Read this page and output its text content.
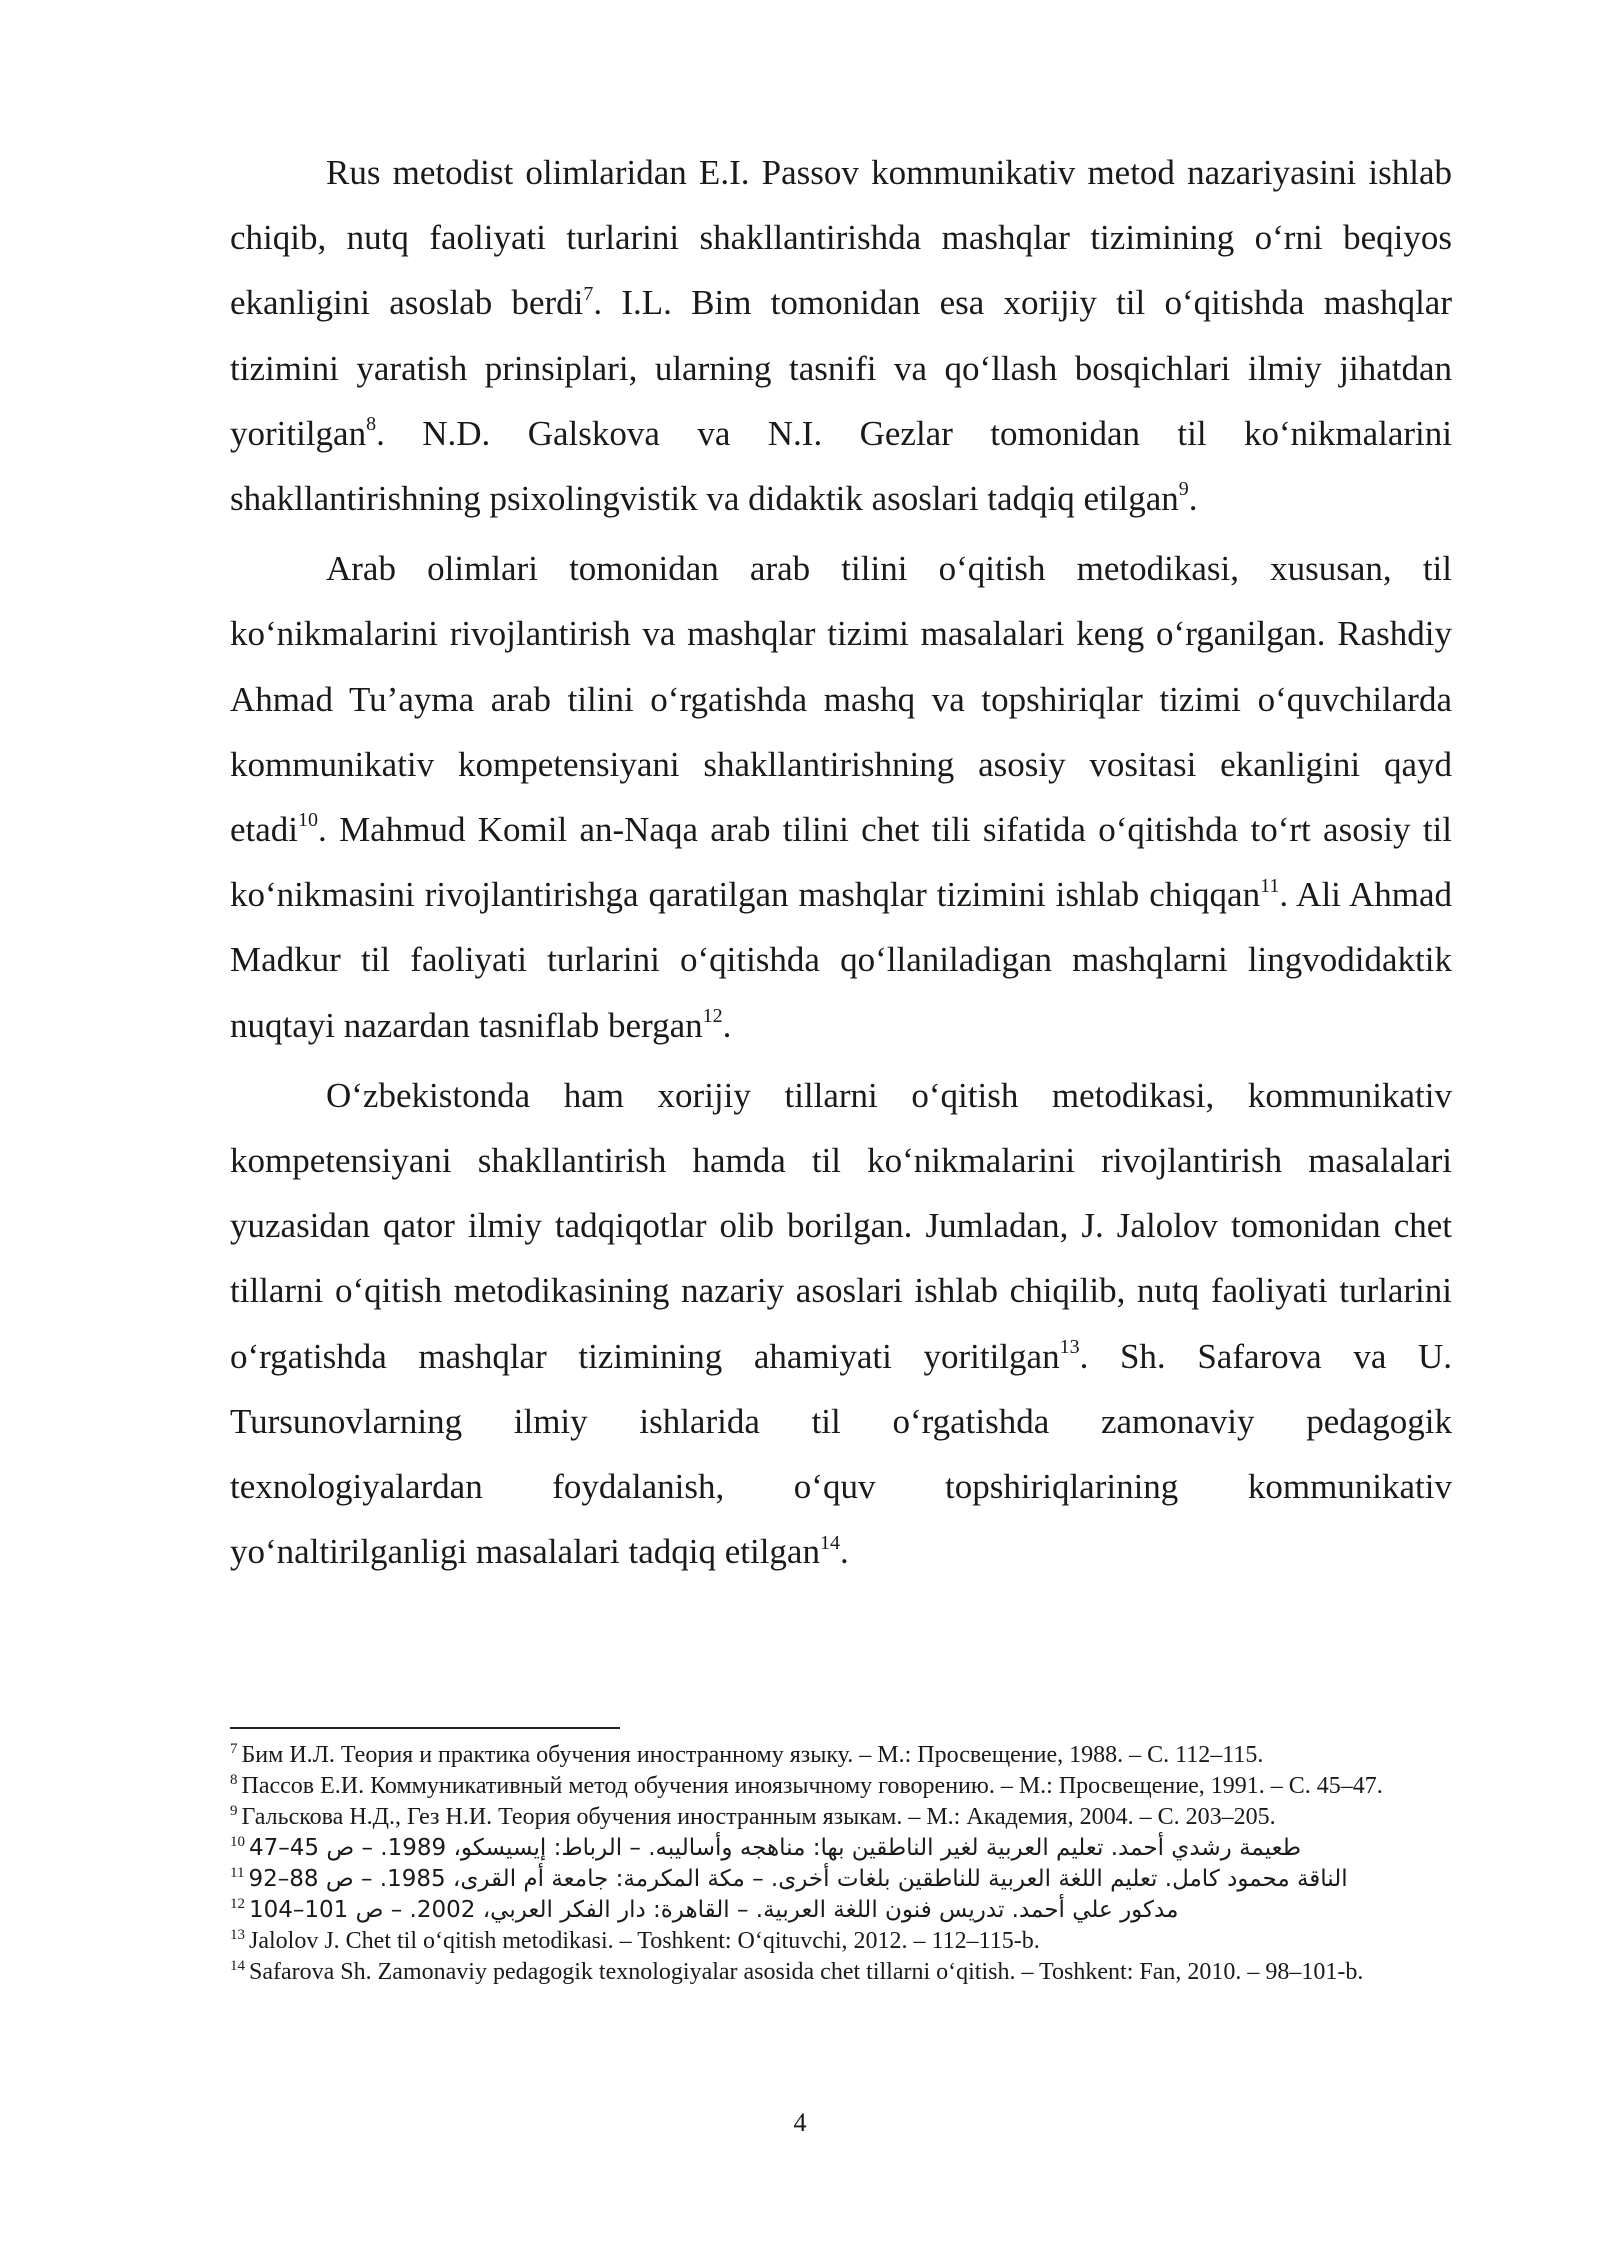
Rus metodist olimlaridan E.I. Passov kommunikativ metod nazariyasini ishlab chiqib, nutq faoliyati turlarini shakllantirishda mashqlar tizimining oʻrni beqiyos ekanligini asoslab berdi$^7$. I.L. Bim tomonidan esa xorijiy til oʻqitishda mashqlar tizimini yaratish prinsiplari, ularning tasnifi va qoʻllash bosqichlari ilmiy jihatdan yoritilgan$^8$. N.D. Galskova va N.I. Gezlar tomonidan til koʻnikmalarini shakllantirishning psixolingvistik va didaktik asoslari tadqiq etilgan$^9$.

Arab olimlari tomonidan arab tilini oʻqitish metodikasi, xususan, til koʻnikmalarini rivojlantirish va mashqlar tizimi masalalari keng oʻrganilgan. Rashdiy Ahmad Tu’ayma arab tilini oʻrgatishda mashq va topshiriqlar tizimi oʻquvchilarda kommunikativ kompetensiyani shakllantirishning asosiy vositasi ekanligini qayd etadi$^{10}$. Mahmud Komil an-Naqa arab tilini chet tili sifatida oʻqitishda toʻrt asosiy til koʻnikmasini rivojlantirishga qaratilgan mashqlar tizimini ishlab chiqqan$^{11}$. Ali Ahmad Madkur til faoliyati turlarini oʻqitishda qoʻllaniladigan mashqlarni lingvodidaktik nuqtayi nazardan tasniflab bergan$^{12}$.

Oʻzbekistonda ham xorijiy tillarni oʻqitish metodikasi, kommunikativ kompetensiyani shakllantirish hamda til koʻnikmalarini rivojlantirish masalalari yuzasidan qator ilmiy tadqiqotlar olib borilgan. Jumladan, J. Jalolov tomonidan chet tillarni oʻqitish metodikasining nazariy asoslari ishlab chiqilib, nutq faoliyati turlarini oʻrgatishda mashqlar tizimining ahamiyati yoritilgan$^{13}$. Sh. Safarova va U. Tursunovlarning ilmiy ishlarida til oʻrgatishda zamonaviy pedagogik texnologiyalardan foydalanish, oʻquv topshiriqlarining kommunikativ yoʻnaltirilganligi masalalari tadqiq etilgan$^{14}$.

$^7$ Бим И.Л. Теория и практика обучения иностранному языку. – М.: Просвещение, 1988. – С. 112–115.
$^8$ Пассов Е.И. Коммуникативный метод обучения иноязычному говорению. – М.: Просвещение, 1991. – С. 45–47.
$^9$ Гальскова Н.Д., Гез Н.И. Теория обучения иностранным языкам. – М.: Академия, 2004. – С. 203–205.
$^{10}$ طعيمة رشدي أحمد. تعليم العربية لغير الناطقين بها: مناهجه وأساليبه. – الرباط: إيسيسكو، 1989. – ص 45–47
$^{11}$ الناقة محمود كامل. تعليم اللغة العربية للناطقين بلغات أخرى. – مكة المكرمة: جامعة أم القرى، 1985. – ص 88–92
$^{12}$ مدكور علي أحمد. تدريس فنون اللغة العربية. – القاهرة: دار الفكر العربي، 2002. – ص 101–104
$^{13}$ Jalolov J. Chet til oʻqitish metodikasi. – Toshkent: Oʻqituvchi, 2012. – 112–115-b.
$^{14}$ Safarova Sh. Zamonaviy pedagogik texnologiyalar asosida chet tillarni oʻqitish. – Toshkent: Fan, 2010. – 98–101-b.
4
